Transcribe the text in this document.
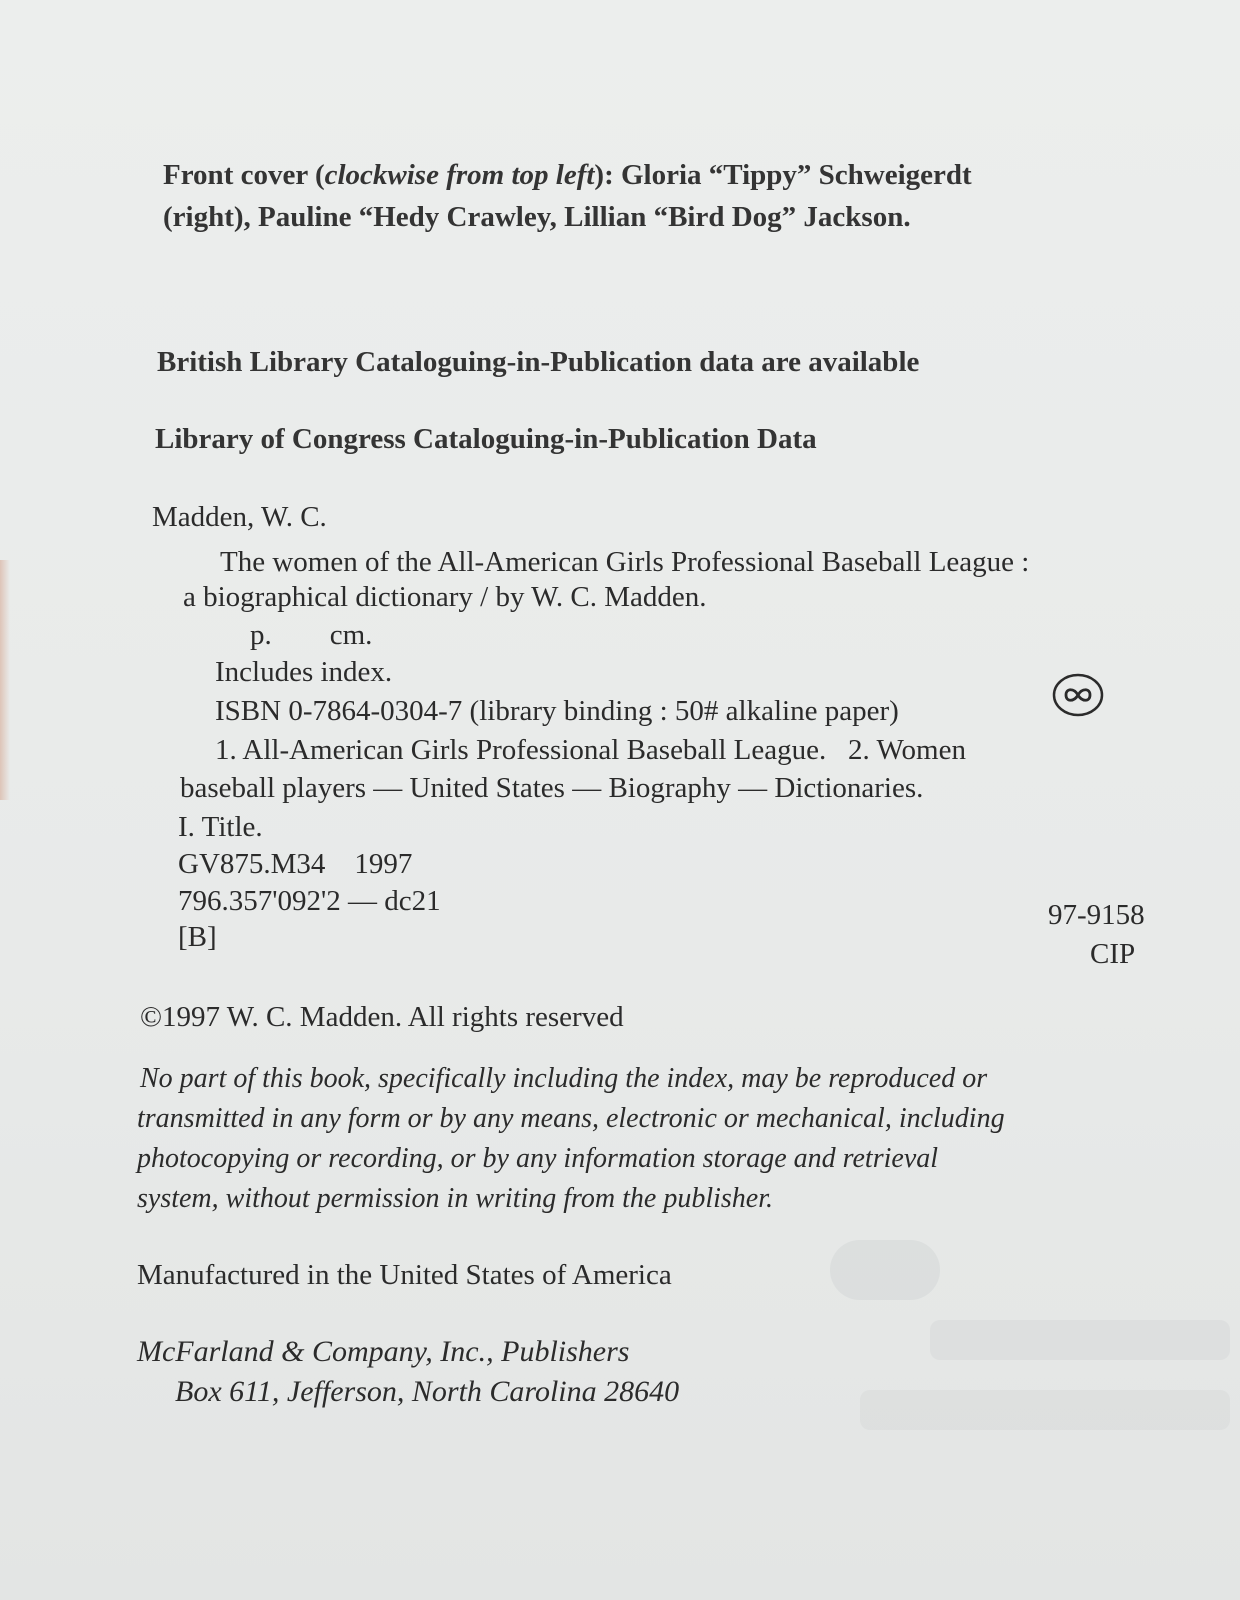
Front cover (clockwise from top left): Gloria “Tippy” Schweigerdt
(right), Pauline “Hedy Crawley, Lillian “Bird Dog” Jackson.
British Library Cataloguing-in-Publication data are available
Library of Congress Cataloguing-in-Publication Data
Madden, W. C.
The women of the All-American Girls Professional Baseball League :
a biographical dictionary / by W. C. Madden.
p.        cm.
Includes index.
ISBN 0-7864-0304-7 (library binding : 50# alkaline paper)
1. All-American Girls Professional Baseball League.   2. Women
baseball players — United States — Biography — Dictionaries.
I. Title.
GV875.M34    1997
796.357'092'2 — dc21
[B]
97-9158
CIP
©1997 W. C. Madden. All rights reserved
No part of this book, specifically including the index, may be reproduced or
transmitted in any form or by any means, electronic or mechanical, including
photocopying or recording, or by any information storage and retrieval
system, without permission in writing from the publisher.
Manufactured in the United States of America
McFarland & Company, Inc., Publishers
Box 611, Jefferson, North Carolina 28640
